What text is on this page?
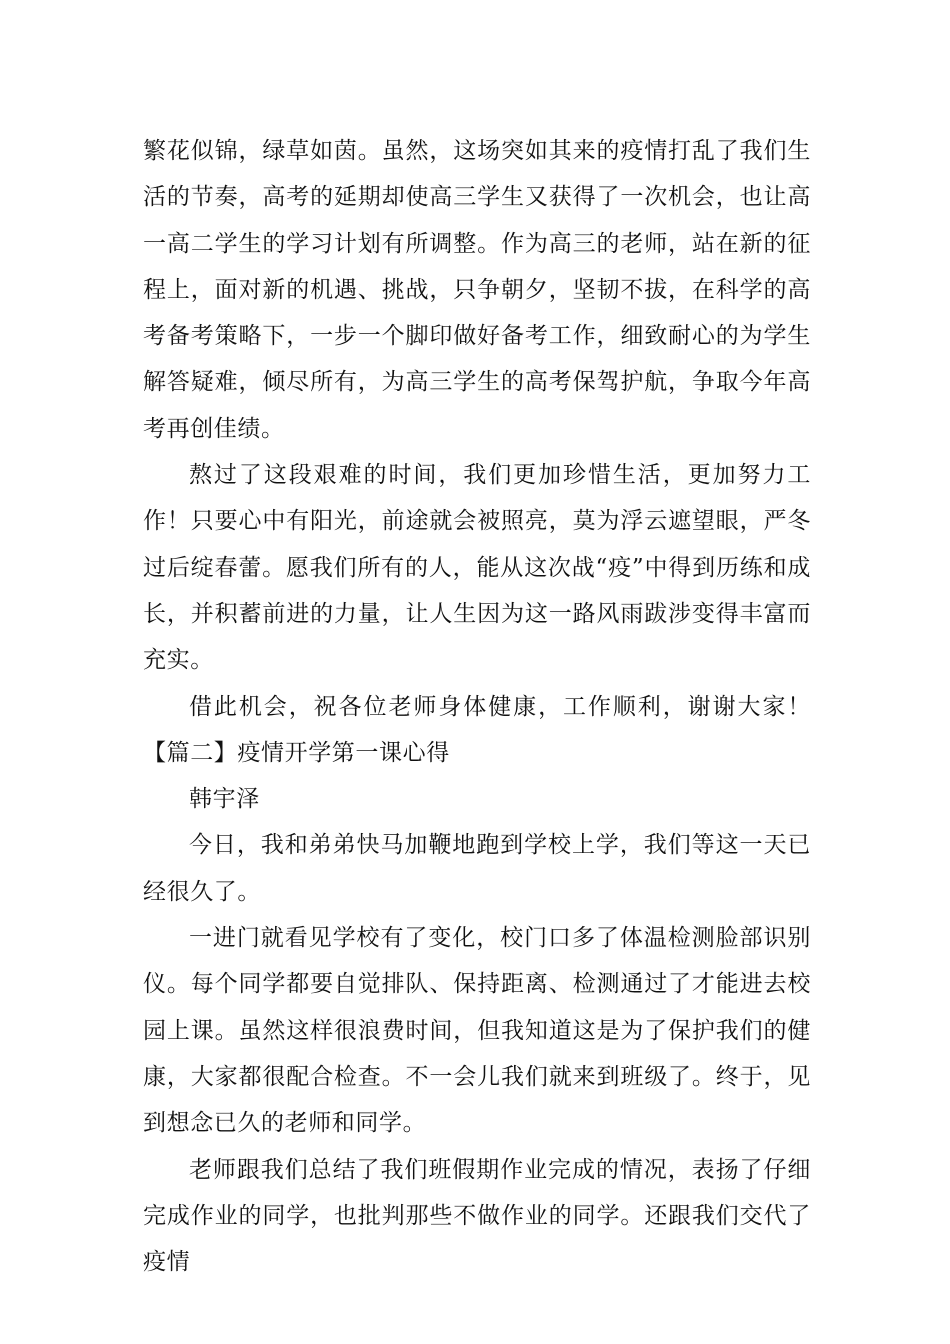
繁花似锦，绿草如茵。虽然，这场突如其来的疫情打乱了我们生活的节奏，高考的延期却使高三学生又获得了一次机会，也让高一高二学生的学习计划有所调整。作为高三的老师，站在新的征程上，面对新的机遇、挑战，只争朝夕，坚韧不拔，在科学的高考备考策略下，一步一个脚印做好备考工作，细致耐心的为学生解答疑难，倾尽所有，为高三学生的高考保驾护航，争取今年高考再创佳绩。

熬过了这段艰难的时间，我们更加珍惜生活，更加努力工作！只要心中有阳光，前途就会被照亮，莫为浮云遮望眼，严冬过后绽春蕾。愿我们所有的人，能从这次战“疫”中得到历练和成长，并积蓄前进的力量，让人生因为这一路风雨跋涉变得丰富而充实。

借此机会，祝各位老师身体健康，工作顺利，谢谢大家！【篇二】疫情开学第一课心得

韩宇泽

今日，我和弟弟快马加鞭地跑到学校上学，我们等这一天已经很久了。

一进门就看见学校有了变化，校门口多了体温检测脸部识别仪。每个同学都要自觉排队、保持距离、检测通过了才能进去校园上课。虽然这样很浪费时间，但我知道这是为了保护我们的健康，大家都很配合检查。不一会儿我们就来到班级了。终于，见到想念已久的老师和同学。

老师跟我们总结了我们班假期作业完成的情况，表扬了仔细完成作业的同学，也批判那些不做作业的同学。还跟我们交代了疫情
